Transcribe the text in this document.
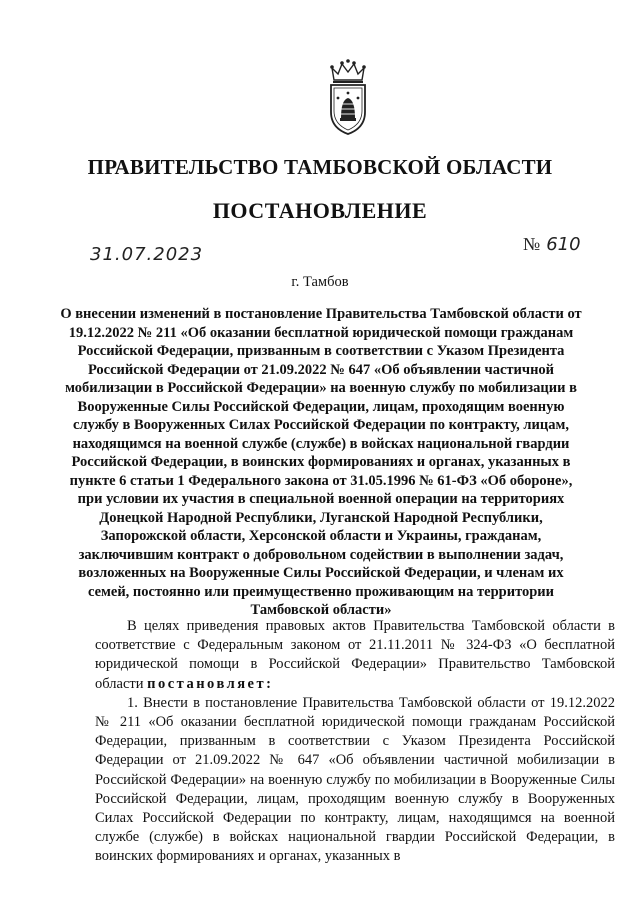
ПРАВИТЕЛЬСТВО ТАМБОВСКОЙ ОБЛАСТИ
ПОСТАНОВЛЕНИЕ
31.07.2023	№ 610
г. Тамбов
О внесении изменений в постановление Правительства Тамбовской области от 19.12.2022 № 211 «Об оказании бесплатной юридической помощи гражданам Российской Федерации, призванным в соответствии с Указом Президента Российской Федерации от 21.09.2022 № 647 «Об объявлении частичной мобилизации в Российской Федерации» на военную службу по мобилизации в Вооруженные Силы Российской Федерации, лицам, проходящим военную службу в Вооруженных Силах Российской Федерации по контракту, лицам, находящимся на военной службе (службе) в войсках национальной гвардии Российской Федерации, в воинских формированиях и органах, указанных в пункте 6 статьи 1 Федерального закона от 31.05.1996 № 61-ФЗ «Об обороне», при условии их участия в специальной военной операции на территориях Донецкой Народной Республики, Луганской Народной Республики, Запорожской области, Херсонской области и Украины, гражданам, заключившим контракт о добровольном содействии в выполнении задач, возложенных на Вооруженные Силы Российской Федерации, и членам их семей, постоянно или преимущественно проживающим на территории Тамбовской области»

В целях приведения правовых актов Правительства Тамбовской области в соответствие с Федеральным законом от 21.11.2011 № 324-ФЗ «О бесплатной юридической помощи в Российской Федерации» Правительство Тамбовской области постановляет:

1. Внести в постановление Правительства Тамбовской области от 19.12.2022 № 211 «Об оказании бесплатной юридической помощи гражданам Российской Федерации, призванным в соответствии с Указом Президента Российской Федерации от 21.09.2022 № 647 «Об объявлении частичной мобилизации в Российской Федерации» на военную службу по мобилизации в Вооруженные Силы Российской Федерации, лицам, проходящим военную службу в Вооруженных Силах Российской Федерации по контракту, лицам, находящимся на военной службе (службе) в войсках национальной гвардии Российской Федерации, в воинских формированиях и органах, указанных в
